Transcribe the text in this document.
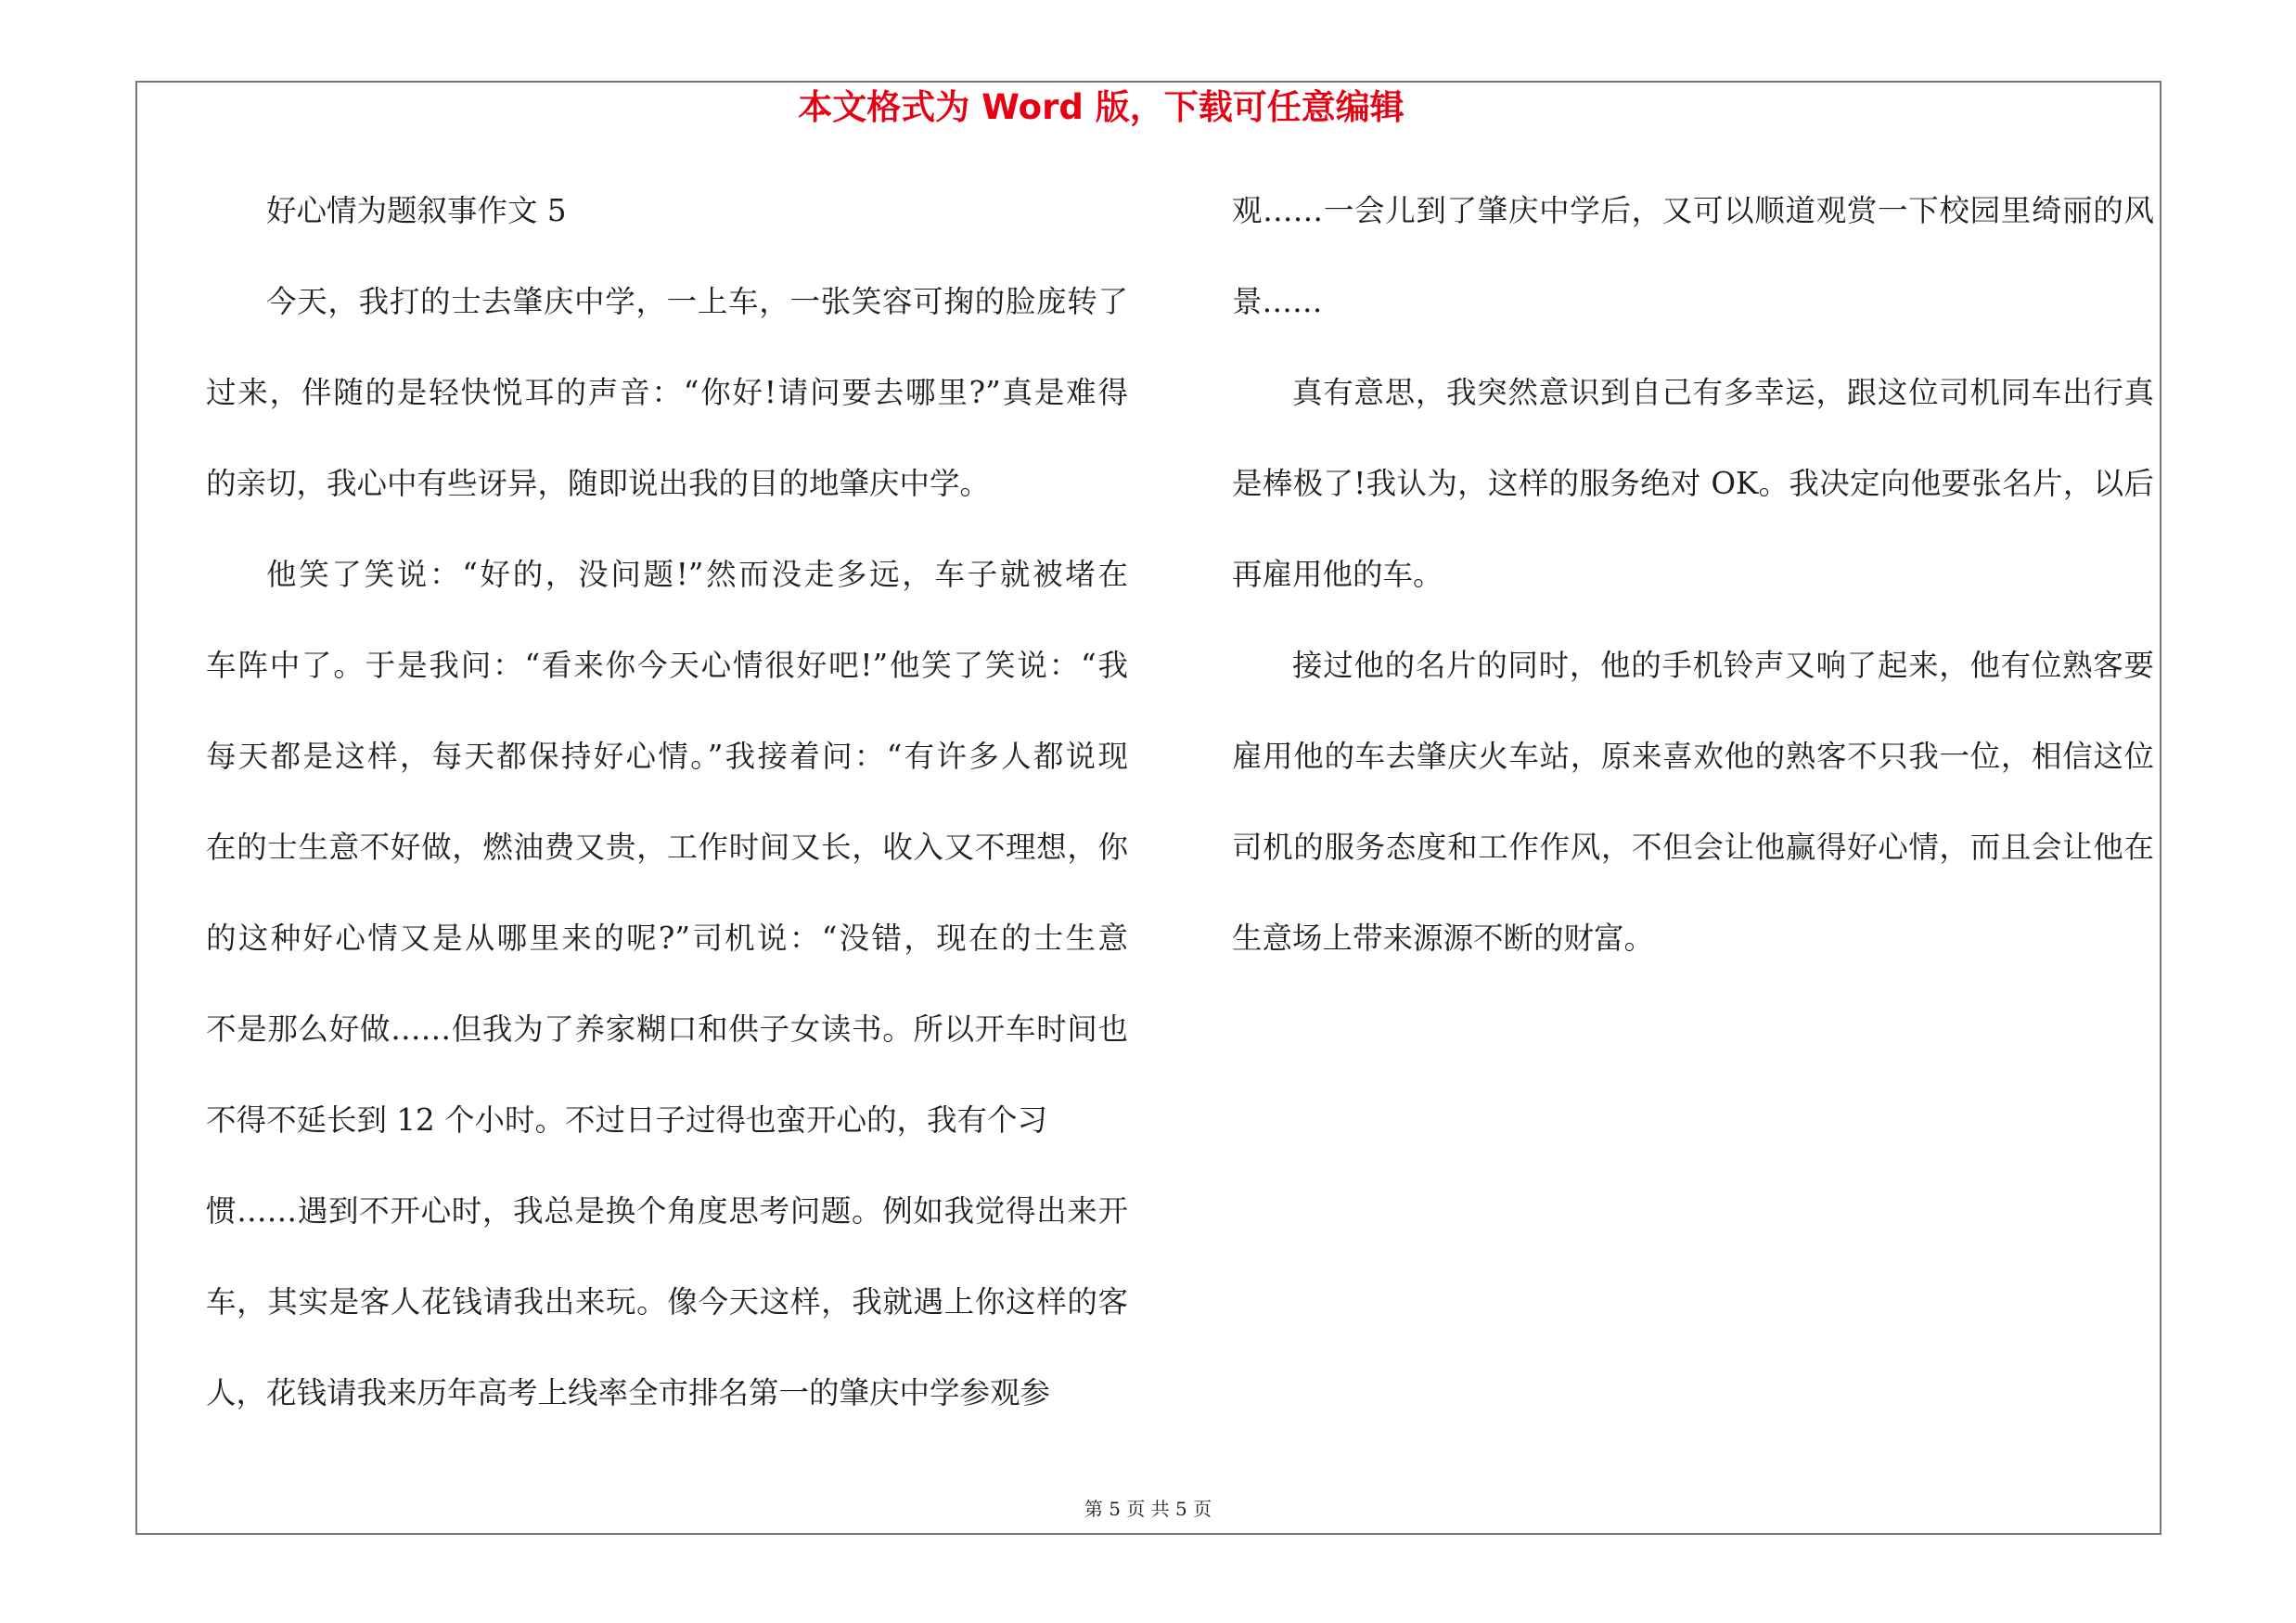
本文格式为 Word 版，下载可任意编辑
好心情为题叙事作文 5
今天，我打的士去肇庆中学，一上车，一张笑容可掬的脸庞转了
过来，伴随的是轻快悦耳的声音：“你好!请问要去哪里?”真是难得
的亲切，我心中有些讶异，随即说出我的目的地肇庆中学。
他笑了笑说：“好的，没问题!”然而没走多远，车子就被堵在
车阵中了。于是我问：“看来你今天心情很好吧!”他笑了笑说：“我
每天都是这样，每天都保持好心情。”我接着问：“有许多人都说现
在的士生意不好做，燃油费又贵，工作时间又长，收入又不理想，你
的这种好心情又是从哪里来的呢?”司机说：“没错，现在的士生意
不是那么好做……但我为了养家糊口和供子女读书。所以开车时间也
不得不延长到 12 个小时。不过日子过得也蛮开心的，我有个习
惯……遇到不开心时，我总是换个角度思考问题。例如我觉得出来开
车，其实是客人花钱请我出来玩。像今天这样，我就遇上你这样的客
人，花钱请我来历年高考上线率全市排名第一的肇庆中学参观参
观……一会儿到了肇庆中学后，又可以顺道观赏一下校园里绮丽的风
景……
真有意思，我突然意识到自己有多幸运，跟这位司机同车出行真
是棒极了!我认为，这样的服务绝对 OK。我决定向他要张名片，以后
再雇用他的车。
接过他的名片的同时，他的手机铃声又响了起来，他有位熟客要
雇用他的车去肇庆火车站，原来喜欢他的熟客不只我一位，相信这位
司机的服务态度和工作作风，不但会让他赢得好心情，而且会让他在
生意场上带来源源不断的财富。
第 5 页 共 5 页
